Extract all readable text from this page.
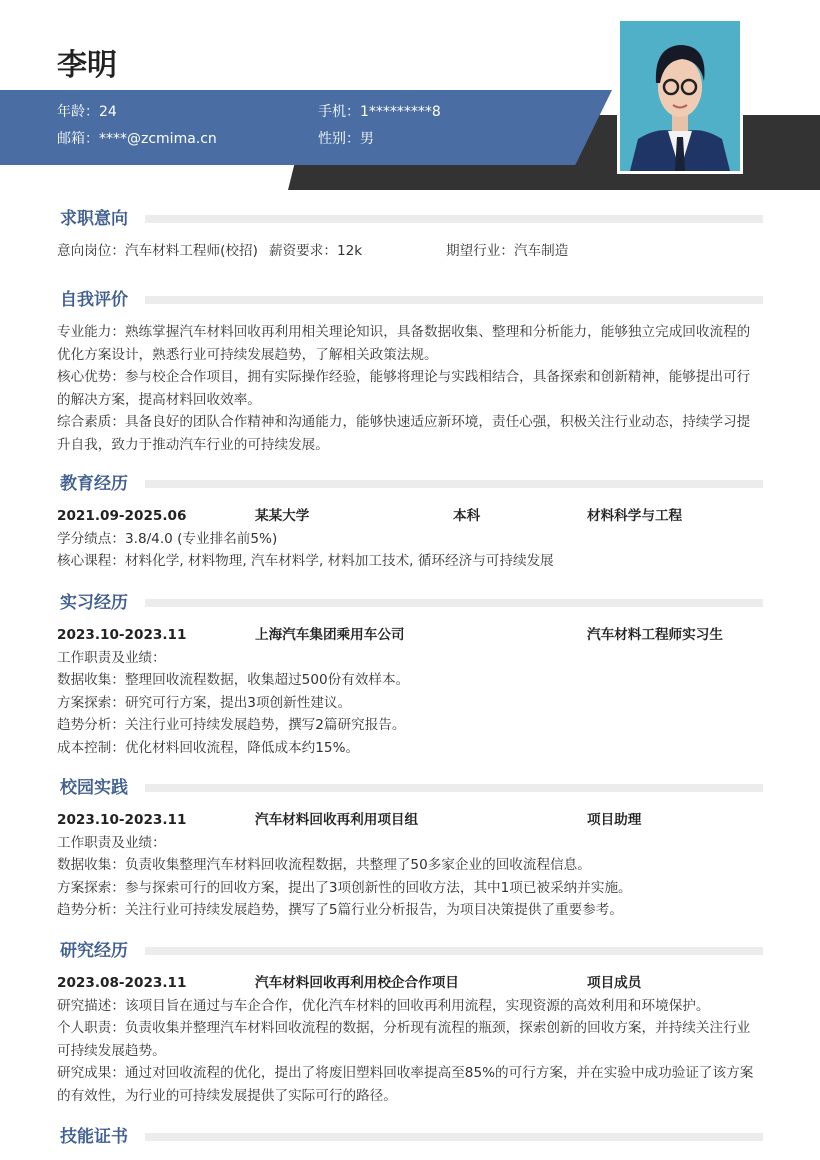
李明
年龄：24	手机：1*********8
邮箱：****@zcmima.cn	性别：男
求职意向
意向岗位：汽车材料工程师(校招) 薪资要求：12k	期望行业：汽车制造
自我评价
专业能力：熟练掌握汽车材料回收再利用相关理论知识，具备数据收集、整理和分析能力，能够独立完成回收流程的优化方案设计，熟悉行业可持续发展趋势，了解相关政策法规。
核心优势：参与校企合作项目，拥有实际操作经验，能够将理论与实践相结合，具备探索和创新精神，能够提出可行的解决方案，提高材料回收效率。
综合素质：具备良好的团队合作精神和沟通能力，能够快速适应新环境，责任心强，积极关注行业动态，持续学习提升自我，致力于推动汽车行业的可持续发展。
教育经历
2021.09-2025.06	某某大学	本科	材料科学与工程
学分绩点：3.8/4.0 (专业排名前5%)
核心课程：材料化学, 材料物理, 汽车材料学, 材料加工技术, 循环经济与可持续发展
实习经历
2023.10-2023.11	上海汽车集团乘用车公司	汽车材料工程师实习生
工作职责及业绩：
数据收集：整理回收流程数据，收集超过500份有效样本。
方案探索：研究可行方案，提出3项创新性建议。
趋势分析：关注行业可持续发展趋势，撰写2篇研究报告。
成本控制：优化材料回收流程，降低成本约15%。
校园实践
2023.10-2023.11	汽车材料回收再利用项目组	项目助理
工作职责及业绩：
数据收集：负责收集整理汽车材料回收流程数据，共整理了50多家企业的回收流程信息。
方案探索：参与探索可行的回收方案，提出了3项创新性的回收方法，其中1项已被采纳并实施。
趋势分析：关注行业可持续发展趋势，撰写了5篇行业分析报告，为项目决策提供了重要参考。
研究经历
2023.08-2023.11	汽车材料回收再利用校企合作项目	项目成员
研究描述：该项目旨在通过与车企合作，优化汽车材料的回收再利用流程，实现资源的高效利用和环境保护。
个人职责：负责收集并整理汽车材料回收流程的数据，分析现有流程的瓶颈，探索创新的回收方案，并持续关注行业可持续发展趋势。
研究成果：通过对回收流程的优化，提出了将废旧塑料回收率提高至85%的可行方案，并在实验中成功验证了该方案的有效性，为行业的可持续发展提供了实际可行的路径。
技能证书
